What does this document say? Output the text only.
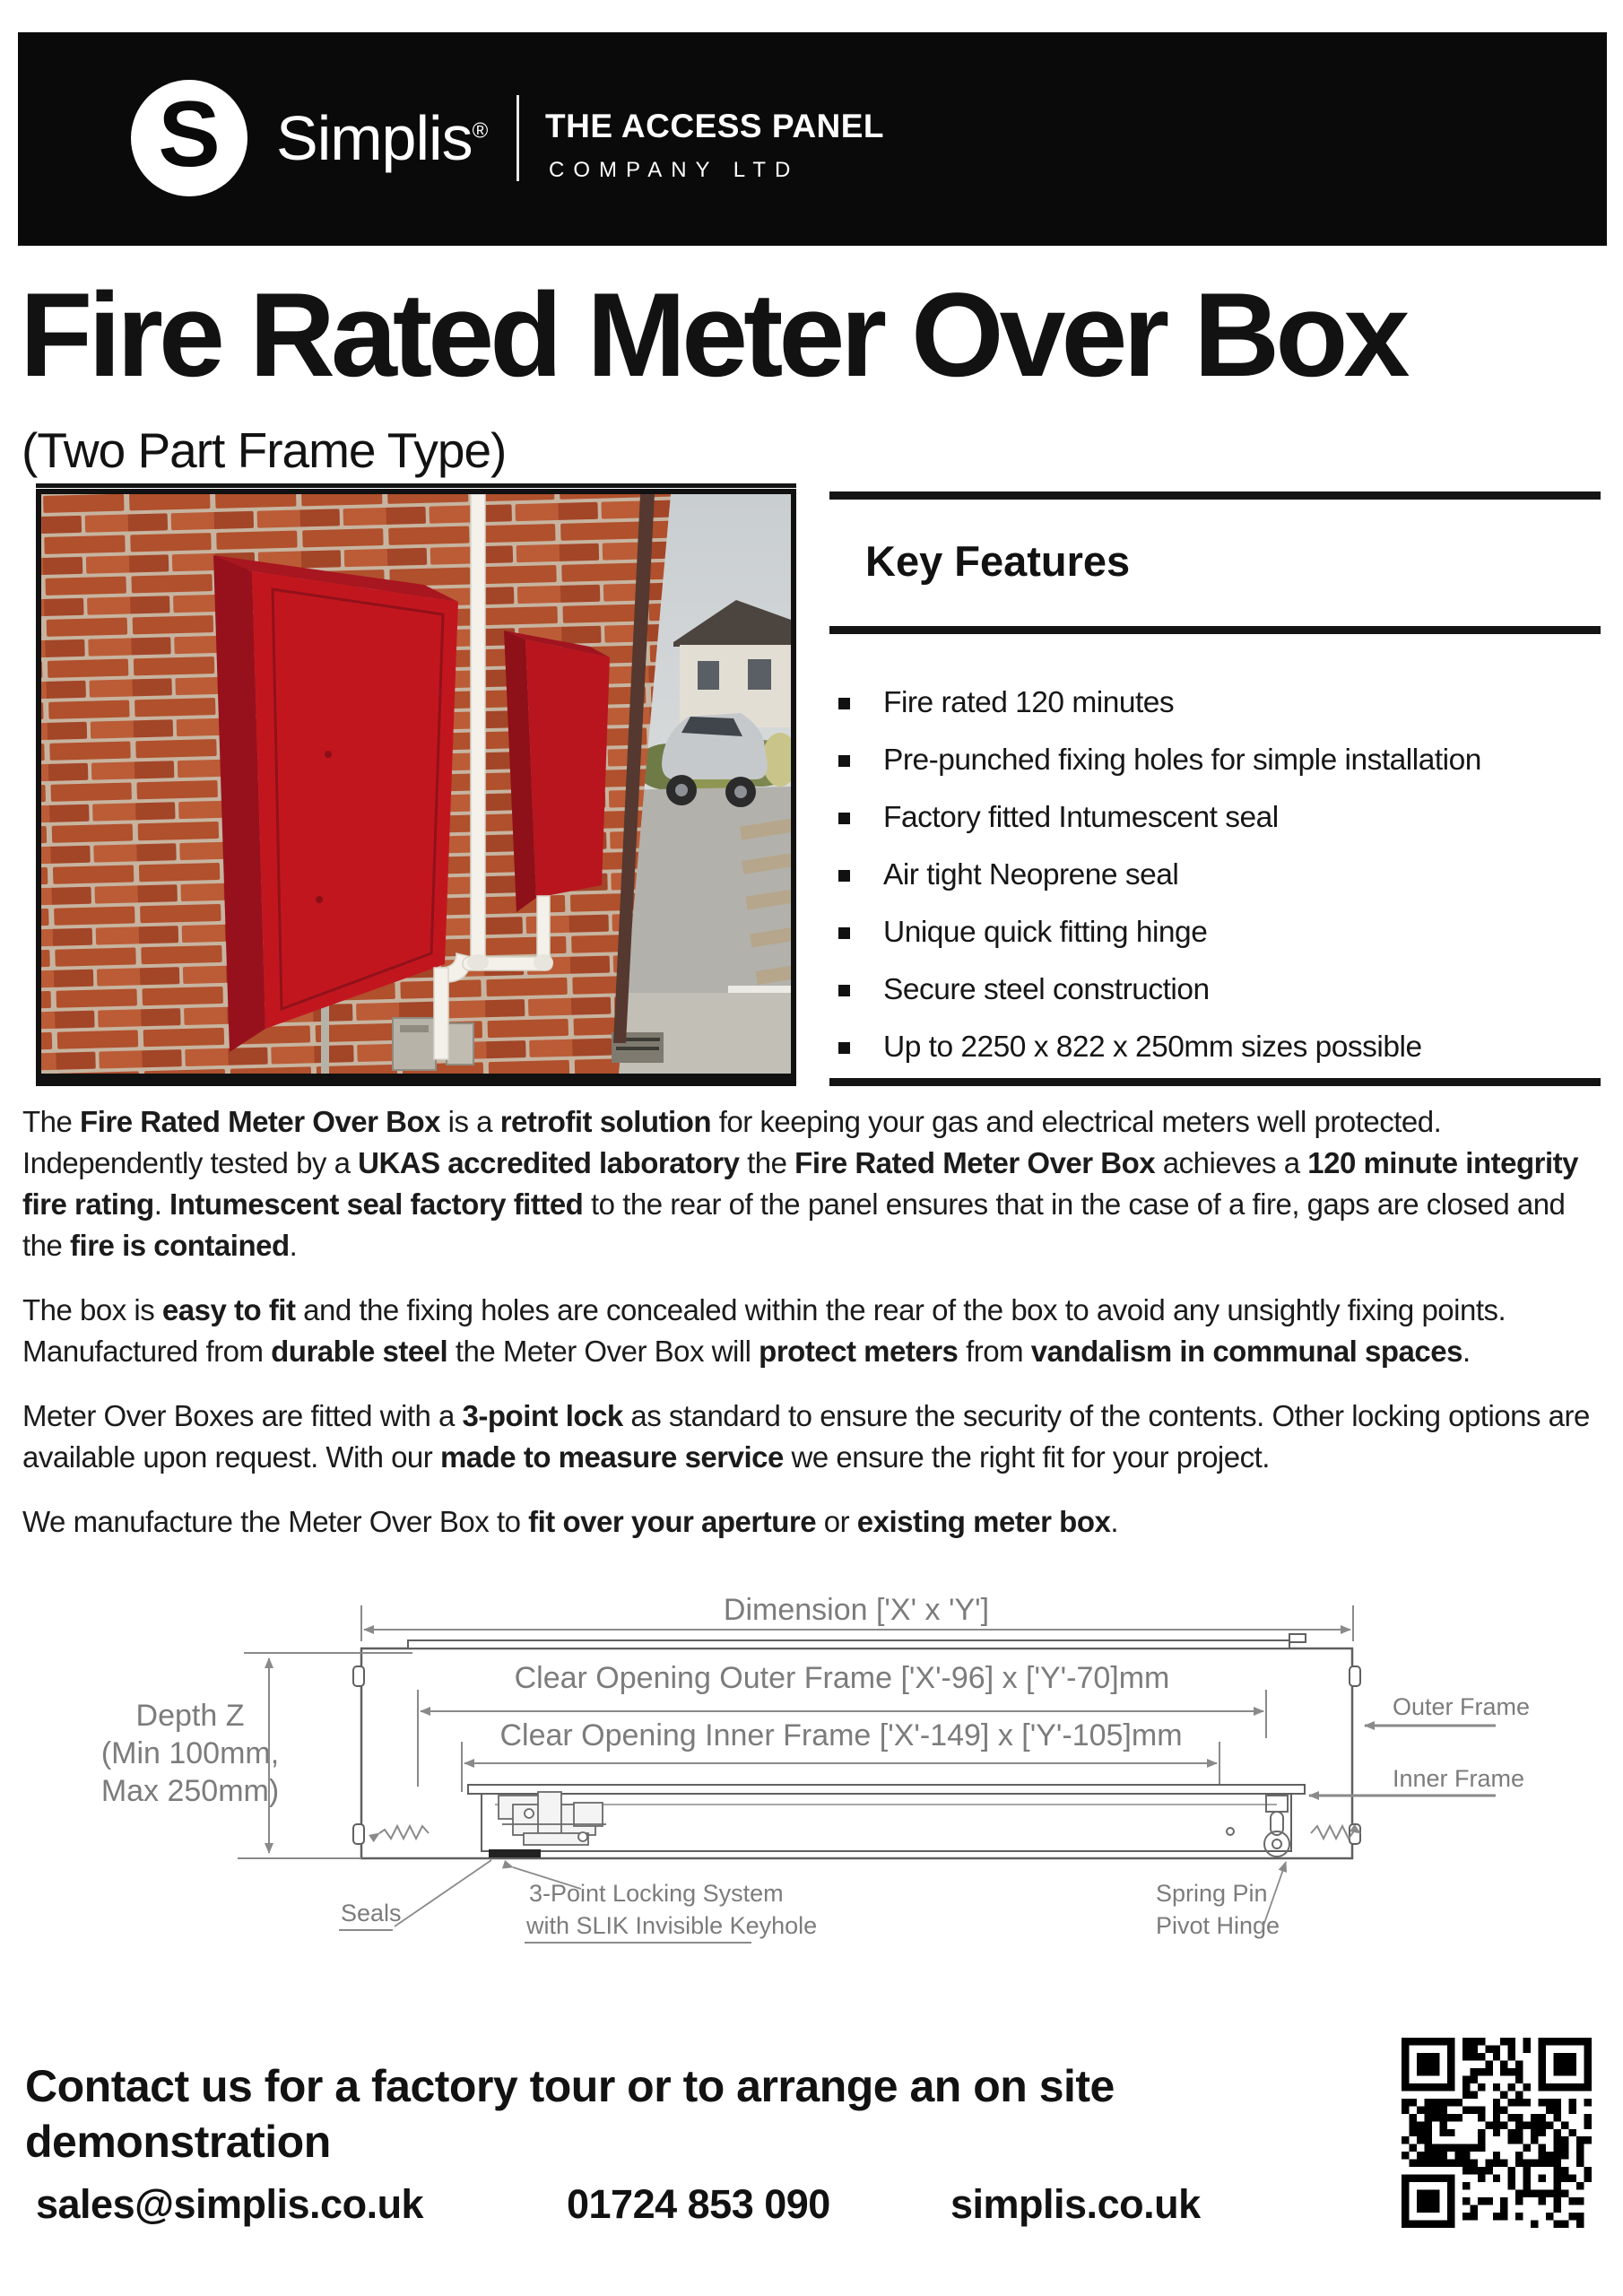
S Simplis® THE ACCESS PANEL
COMPANY LTD
Fire Rated Meter Over Box
(Two Part Frame Type)
Key Features
Fire rated 120 minutes
Pre-punched fixing holes for simple installation
Factory fitted Intumescent seal
Air tight Neoprene seal
Unique quick fitting hinge
Secure steel construction
Up to 2250 x 822 x 250mm sizes possible

The Fire Rated Meter Over Box is a retrofit solution for keeping your gas and electrical meters well protected. Independently tested by a UKAS accredited laboratory the Fire Rated Meter Over Box achieves a 120 minute integrity fire rating. Intumescent seal factory fitted to the rear of the panel ensures that in the case of a fire, gaps are closed and the fire is contained.

The box is easy to fit and the fixing holes are concealed within the rear of the box to avoid any unsightly fixing points. Manufactured from durable steel the Meter Over Box will protect meters from vandalism in communal spaces.

Meter Over Boxes are fitted with a 3-point lock as standard to ensure the security of the contents. Other locking options are available upon request. With our made to measure service we ensure the right fit for your project.

We manufacture the Meter Over Box to fit over your aperture or existing meter box.

Dimension ['X' x 'Y']
Clear Opening Outer Frame ['X'-96] x ['Y'-70]mm
Clear Opening Inner Frame ['X'-149] x ['Y'-105]mm
Depth Z
(Min 100mm,
Max 250mm)
Outer Frame
Inner Frame
Seals
3-Point Locking System
with SLIK Invisible Keyhole
Spring Pin
Pivot Hinge
Contact us for a factory tour or to arrange an on site
demonstration
sales@simplis.co.uk	01724 853 090	simplis.co.uk
